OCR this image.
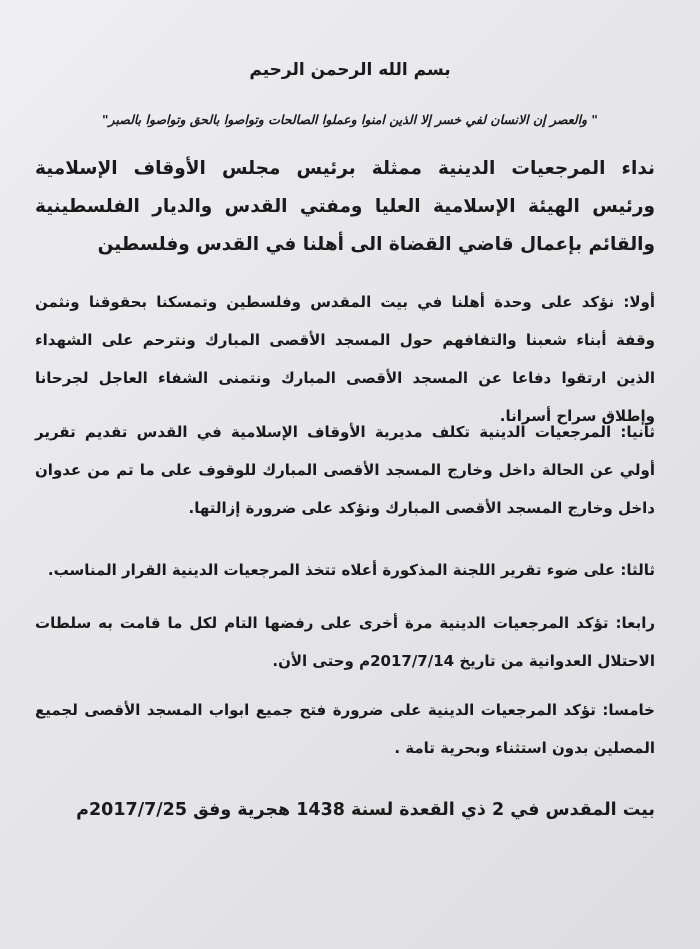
بسم الله الرحمن الرحيم
" والعصر إن الانسان لفي خسر إلا الذين امنوا وعملوا الصالحات وتواصوا بالحق وتواصوا بالصبر"
نداء المرجعيات الدينية ممثلة برئيس مجلس الأوقاف الإسلامية ورئيس الهيئة الإسلامية العليا ومفتي القدس والديار الفلسطينية والقائم بإعمال قاضي القضاة الى أهلنا في القدس وفلسطين
أولا: نؤكد على وحدة أهلنا في بيت المقدس وفلسطين وتمسكنا بحقوقنا ونثمن وقفة أبناء شعبنا والتفافهم حول المسجد الأقصى المبارك ونترحم على الشهداء الذين ارتقوا دفاعا عن المسجد الأقصى المبارك ونتمنى الشفاء العاجل لجرحانا وإطلاق سراح أسرانا.
ثانيا: المرجعيات الدينية تكلف مديرية الأوقاف الإسلامية في القدس تقديم تقرير أولي عن الحالة داخل وخارج المسجد الأقصى المبارك للوقوف على ما تم من عدوان داخل وخارج المسجد الأقصى المبارك ونؤكد على ضرورة إزالتها.
ثالثا: على ضوء تقرير اللجنة المذكورة أعلاه تتخذ المرجعيات الدينية القرار المناسب.
رابعا: تؤكد المرجعيات الدينية مرة أخرى على رفضها التام لكل ما قامت به سلطات الاحتلال العدوانية من تاريخ 2017/7/14م وحتى الأن.
خامسا: تؤكد المرجعيات الدينية على ضرورة فتح جميع ابواب المسجد الأقصى لجميع المصلين بدون استثناء وبحرية تامة .
بيت المقدس في 2 ذي القعدة لسنة 1438 هجرية وفق 2017/7/25م
